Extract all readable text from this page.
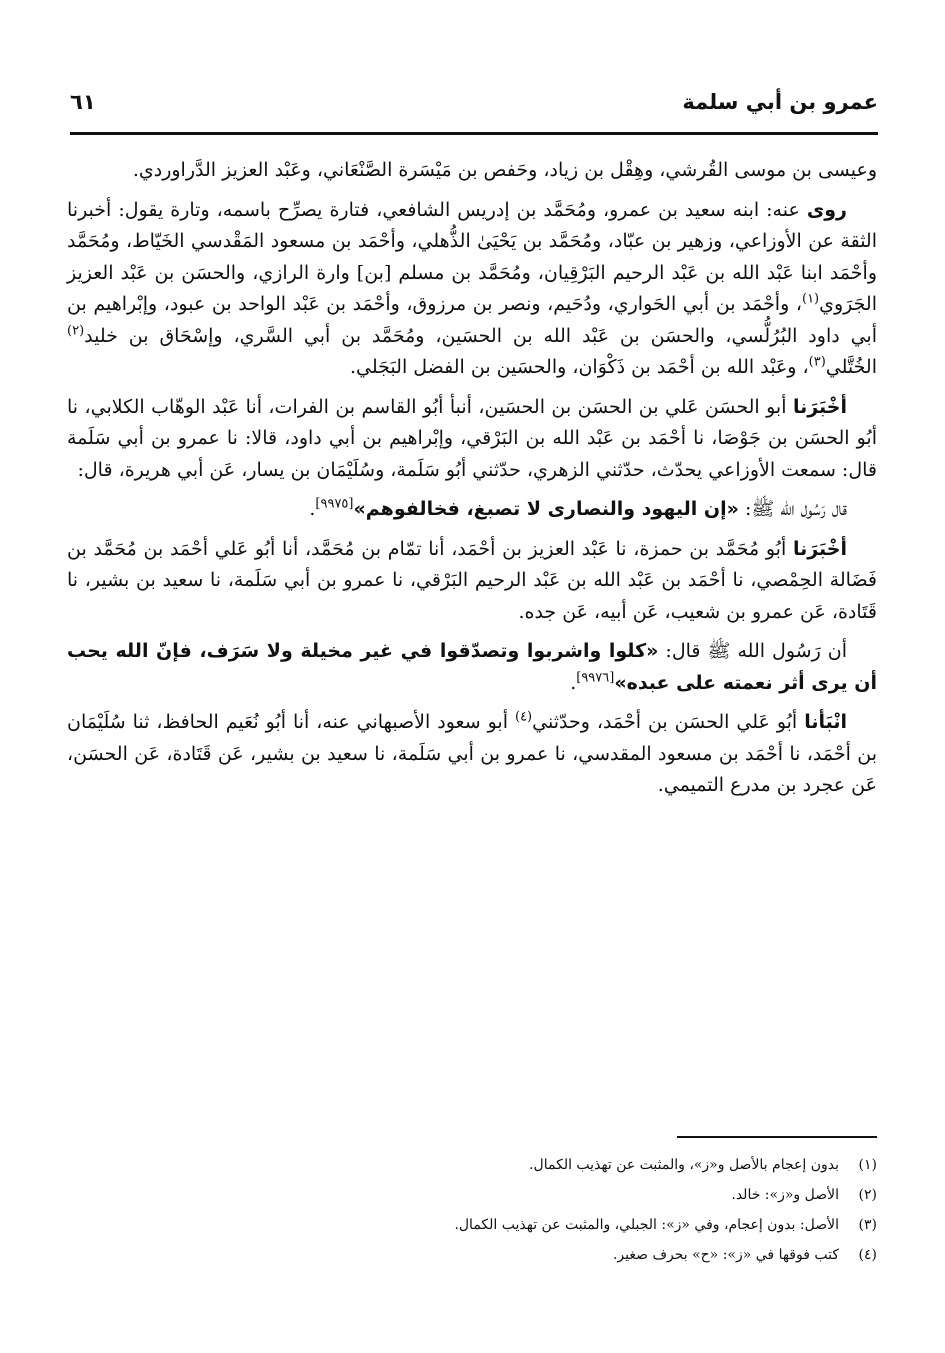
عمرو بن أبي سلمة
٦١

وعيسى بن موسى القُرشي، وهِقْل بن زياد، وحَفص بن مَيْسَرة الصَّنْعَاني، وعَبْد العزيز الدَّراوردي.

روى عنه: ابنه سعيد بن عمرو، ومُحَمَّد بن إدريس الشافعي، فتارة يصرِّح باسمه، وتارة يقول: أخبرنا الثقة عن الأوزاعي، وزهير بن عبّاد، ومُحَمَّد بن يَحْيَىٰ الذُّهلي، وأحْمَد بن مسعود المَقْدسي الخَيّاط، ومُحَمَّد وأحْمَد ابنا عَبْد الله بن عَبْد الرحيم البَرْقِيان، ومُحَمَّد بن مسلم [بن] وارة الرازي، والحسَن بن عَبْد العزيز الجَرَوي$^{(١)}$، وأحْمَد بن أبي الحَواري، ودُحَيم، ونصر بن مرزوق، وأحْمَد بن عَبْد الواحد بن عبود، وإبْراهيم بن أبي داود البُرُلُّسي، والحسَن بن عَبْد الله بن الحسَين، ومُحَمَّد بن أبي السَّري، وإسْحَاق بن خليد$^{(٢)}$ الخُتَّلي$^{(٣)}$، وعَبْد الله بن أحْمَد بن ذَكْوَان، والحسَين بن الفضل البَجَلي.

أخْبَرَنا أبو الحسَن عَلي بن الحسَن بن الحسَين، أنبأ أبُو القاسم بن الفرات، أنا عَبْد الوهّاب الكلابي، نا أبُو الحسَن بن جَوْصَا، نا أحْمَد بن عَبْد الله بن البَرْقي، وإبْراهيم بن أبي داود، قالا: نا عمرو بن أبي سَلَمة قال: سمعت الأوزاعي يحدّث، حدّثني الزهري، حدّثني أبُو سَلَمة، وسُلَيْمَان بن يسار، عَن أبي هريرة، قال:

قال رَسُول الله ﷺ: «إن اليهود والنصارى لا تصبغ، فخالفوهم»[٩٩٧٥].

أخْبَرَنا أبُو مُحَمَّد بن حمزة، نا عَبْد العزيز بن أحْمَد، أنا تمّام بن مُحَمَّد، أنا أبُو عَلي أحْمَد بن مُحَمَّد بن فَضَالة الحِمْصي، نا أحْمَد بن عَبْد الله بن عَبْد الرحيم البَرْقي، نا عمرو بن أبي سَلَمة، نا سعيد بن بشير، نا قَتَادة، عَن عمرو بن شعيب، عَن أبيه، عَن جده.

أن رَسُول الله ﷺ قال: «كلوا واشربوا وتصدّقوا في غير مخيلة ولا سَرَف، فإنّ الله يحب أن يرى أثر نعمته على عبده»[٩٩٧٦].

انْبَأنا أبُو عَلي الحسَن بن أحْمَد، وحدّثني$^{(٤)}$ أبو سعود الأصبهاني عنه، أنا أبُو نُعَيم الحافظ، ثنا سُلَيْمَان بن أحْمَد، نا أحْمَد بن مسعود المقدسي، نا عمرو بن أبي سَلَمة، نا سعيد بن بشير، عَن قَتَادة، عَن الحسَن، عَن عجرد بن مدرع التميمي.

(١)
بدون إعجام بالأصل و«ز»، والمثبت عن تهذيب الكمال.
(٢)
الأصل و«ز»: خالد.
(٣)
الأصل: بدون إعجام، وفي «ز»: الجبلي، والمثبت عن تهذيب الكمال.
(٤)
كتب فوقها في «ز»: «ح» بحرف صغير.
